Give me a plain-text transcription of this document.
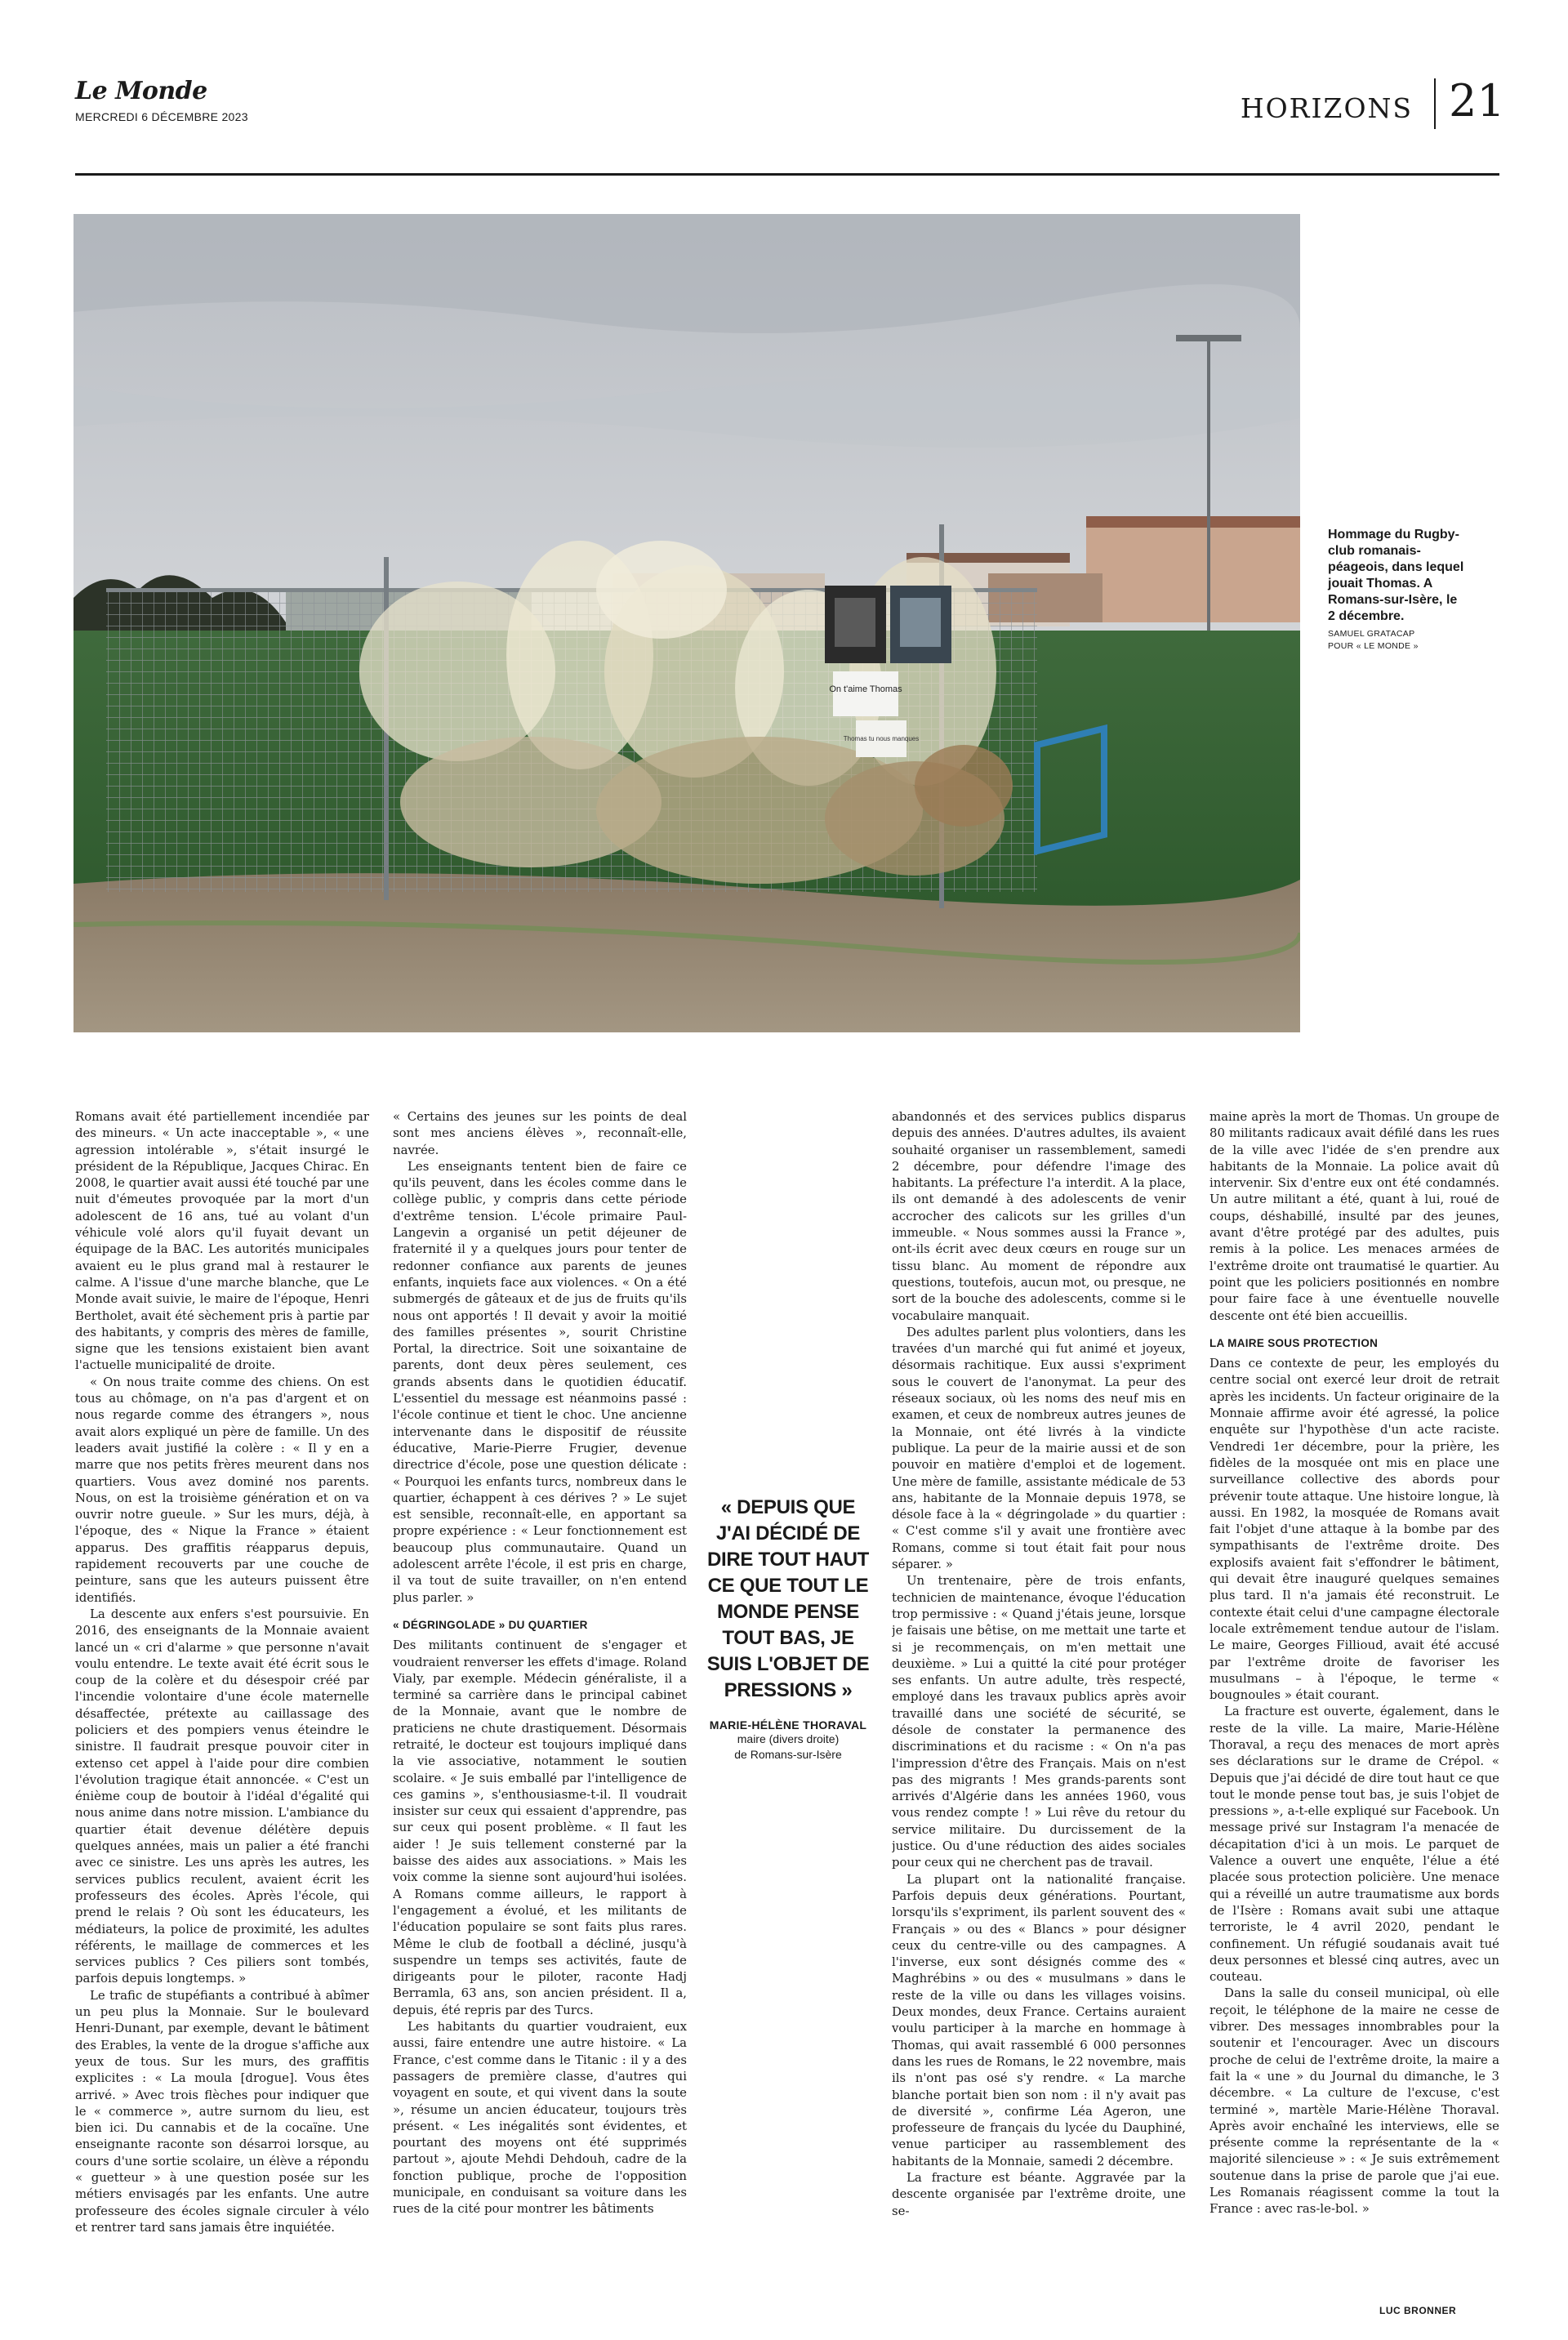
Le Monde
MERCREDI 6 DÉCEMBRE 2023	HORIZONS 21
On t'aime Thomas
Thomas tu nous manques
Hommage du Rugby-club romanais-péageois, dans lequel jouait Thomas. A Romans-sur-Isère, le 2 décembre.
SAMUEL GRATACAP
POUR « LE MONDE »

Romans avait été partiellement incendiée par des mineurs. « Un acte inacceptable », « une agression intolérable », s'était insurgé le président de la République, Jacques Chirac. En 2008, le quartier avait aussi été touché par une nuit d'émeutes provoquée par la mort d'un adolescent de 16 ans, tué au volant d'un véhicule volé alors qu'il fuyait devant un équipage de la BAC. Les autorités municipales avaient eu le plus grand mal à restaurer le calme. A l'issue d'une marche blanche, que Le Monde avait suivie, le maire de l'époque, Henri Bertholet, avait été sèchement pris à partie par des habitants, y compris des mères de famille, signe que les tensions existaient bien avant l'actuelle municipalité de droite.

« On nous traite comme des chiens. On est tous au chômage, on n'a pas d'argent et on nous regarde comme des étrangers », nous avait alors expliqué un père de famille. Un des leaders avait justifié la colère : « Il y en a marre que nos petits frères meurent dans nos quartiers. Vous avez dominé nos parents. Nous, on est la troisième génération et on va ouvrir notre gueule. » Sur les murs, déjà, à l'époque, des « Nique la France » étaient apparus. Des graffitis réapparus depuis, rapidement recouverts par une couche de peinture, sans que les auteurs puissent être identifiés.

La descente aux enfers s'est poursuivie. En 2016, des enseignants de la Monnaie avaient lancé un « cri d'alarme » que personne n'avait voulu entendre. Le texte avait été écrit sous le coup de la colère et du désespoir créé par l'incendie volontaire d'une école maternelle désaffectée, prétexte au caillassage des policiers et des pompiers venus éteindre le sinistre. Il faudrait presque pouvoir citer in extenso cet appel à l'aide pour dire combien l'évolution tragique était annoncée. « C'est un énième coup de boutoir à l'idéal d'égalité qui nous anime dans notre mission. L'ambiance du quartier était devenue délétère depuis quelques années, mais un palier a été franchi avec ce sinistre. Les uns après les autres, les services publics reculent, avaient écrit les professeurs des écoles. Après l'école, qui prend le relais ? Où sont les éducateurs, les médiateurs, la police de proximité, les adultes référents, le maillage de commerces et les services publics ? Ces piliers sont tombés, parfois depuis longtemps. »

Le trafic de stupéfiants a contribué à abîmer un peu plus la Monnaie. Sur le boulevard Henri-Dunant, par exemple, devant le bâtiment des Erables, la vente de la drogue s'affiche aux yeux de tous. Sur les murs, des graffitis explicites : « La moula [drogue]. Vous êtes arrivé. » Avec trois flèches pour indiquer que le « commerce », autre surnom du lieu, est bien ici. Du cannabis et de la cocaïne. Une enseignante raconte son désarroi lorsque, au cours d'une sortie scolaire, un élève a répondu « guetteur » à une question posée sur les métiers envisagés par les enfants. Une autre professeure des écoles signale circuler à vélo et rentrer tard sans jamais être inquiétée.

« Certains des jeunes sur les points de deal sont mes anciens élèves », reconnaît-elle, navrée.

Les enseignants tentent bien de faire ce qu'ils peuvent, dans les écoles comme dans le collège public, y compris dans cette période d'extrême tension. L'école primaire Paul-Langevin a organisé un petit déjeuner de fraternité il y a quelques jours pour tenter de redonner confiance aux parents de jeunes enfants, inquiets face aux violences. « On a été submergés de gâteaux et de jus de fruits qu'ils nous ont apportés ! Il devait y avoir la moitié des familles présentes », sourit Christine Portal, la directrice. Soit une soixantaine de parents, dont deux pères seulement, ces grands absents dans le quotidien éducatif. L'essentiel du message est néanmoins passé : l'école continue et tient le choc. Une ancienne intervenante dans le dispositif de réussite éducative, Marie-Pierre Frugier, devenue directrice d'école, pose une question délicate : « Pourquoi les enfants turcs, nombreux dans le quartier, échappent à ces dérives ? » Le sujet est sensible, reconnaît-elle, en apportant sa propre expérience : « Leur fonctionnement est beaucoup plus communautaire. Quand un adolescent arrête l'école, il est pris en charge, il va tout de suite travailler, on n'en entend plus parler. »

« DÉGRINGOLADE » DU QUARTIER

Des militants continuent de s'engager et voudraient renverser les effets d'image. Roland Vialy, par exemple. Médecin généraliste, il a terminé sa carrière dans le principal cabinet de la Monnaie, avant que le nombre de praticiens ne chute drastiquement. Désormais retraité, le docteur est toujours impliqué dans la vie associative, notamment le soutien scolaire. « Je suis emballé par l'intelligence de ces gamins », s'enthousiasme-t-il. Il voudrait insister sur ceux qui essaient d'apprendre, pas sur ceux qui posent problème. « Il faut les aider ! Je suis tellement consterné par la baisse des aides aux associations. » Mais les voix comme la sienne sont aujourd'hui isolées. A Romans comme ailleurs, le rapport à l'engagement a évolué, et les militants de l'éducation populaire se sont faits plus rares. Même le club de football a décliné, jusqu'à suspendre un temps ses activités, faute de dirigeants pour le piloter, raconte Hadj Berramla, 63 ans, son ancien président. Il a, depuis, été repris par des Turcs.

Les habitants du quartier voudraient, eux aussi, faire entendre une autre histoire. « La France, c'est comme dans le Titanic : il y a des passagers de première classe, d'autres qui voyagent en soute, et qui vivent dans la soute », résume un ancien éducateur, toujours très présent. « Les inégalités sont évidentes, et pourtant des moyens ont été supprimés partout », ajoute Mehdi Dehdouh, cadre de la fonction publique, proche de l'opposition municipale, en conduisant sa voiture dans les rues de la cité pour montrer les bâtiments

abandonnés et des services publics disparus depuis des années. D'autres adultes, ils avaient souhaité organiser un rassemblement, samedi 2 décembre, pour défendre l'image des habitants. La préfecture l'a interdit. A la place, ils ont demandé à des adolescents de venir accrocher des calicots sur les grilles d'un immeuble. « Nous sommes aussi la France », ont-ils écrit avec deux cœurs en rouge sur un tissu blanc. Au moment de répondre aux questions, toutefois, aucun mot, ou presque, ne sort de la bouche des adolescents, comme si le vocabulaire manquait.

Des adultes parlent plus volontiers, dans les travées d'un marché qui fut animé et joyeux, désormais rachitique. Eux aussi s'expriment sous le couvert de l'anonymat. La peur des réseaux sociaux, où les noms des neuf mis en examen, et ceux de nombreux autres jeunes de la Monnaie, ont été livrés à la vindicte publique. La peur de la mairie aussi et de son pouvoir en matière d'emploi et de logement. Une mère de famille, assistante médicale de 53 ans, habitante de la Monnaie depuis 1978, se désole face à la « dégringolade » du quartier : « C'est comme s'il y avait une frontière avec Romans, comme si tout était fait pour nous séparer. »

Un trentenaire, père de trois enfants, technicien de maintenance, évoque l'éducation trop permissive : « Quand j'étais jeune, lorsque je faisais une bêtise, on me mettait une tarte et si je recommençais, on m'en mettait une deuxième. » Lui a quitté la cité pour protéger ses enfants. Un autre adulte, très respecté, employé dans les travaux publics après avoir travaillé dans une société de sécurité, se désole de constater la permanence des discriminations et du racisme : « On n'a pas l'impression d'être des Français. Mais on n'est pas des migrants ! Mes grands-parents sont arrivés d'Algérie dans les années 1960, vous vous rendez compte ! » Lui rêve du retour du service militaire. Du durcissement de la justice. Ou d'une réduction des aides sociales pour ceux qui ne cherchent pas de travail.

La plupart ont la nationalité française. Parfois depuis deux générations. Pourtant, lorsqu'ils s'expriment, ils parlent souvent des « Français » ou des « Blancs » pour désigner ceux du centre-ville ou des campagnes. A l'inverse, eux sont désignés comme des « Maghrébins » ou des « musulmans » dans le reste de la ville ou dans les villages voisins. Deux mondes, deux France. Certains auraient voulu participer à la marche en hommage à Thomas, qui avait rassemblé 6 000 personnes dans les rues de Romans, le 22 novembre, mais ils n'ont pas osé s'y rendre. « La marche blanche portait bien son nom : il n'y avait pas de diversité », confirme Léa Ageron, une professeure de français du lycée du Dauphiné, venue participer au rassemblement des habitants de la Monnaie, samedi 2 décembre.

La fracture est béante. Aggravée par la descente organisée par l'extrême droite, une se-

maine après la mort de Thomas. Un groupe de 80 militants radicaux avait défilé dans les rues de la ville avec l'idée de s'en prendre aux habitants de la Monnaie. La police avait dû intervenir. Six d'entre eux ont été condamnés. Un autre militant a été, quant à lui, roué de coups, déshabillé, insulté par des jeunes, avant d'être protégé par des adultes, puis remis à la police. Les menaces armées de l'extrême droite ont traumatisé le quartier. Au point que les policiers positionnés en nombre pour faire face à une éventuelle nouvelle descente ont été bien accueillis.

LA MAIRE SOUS PROTECTION

Dans ce contexte de peur, les employés du centre social ont exercé leur droit de retrait après les incidents. Un facteur originaire de la Monnaie affirme avoir été agressé, la police enquête sur l'hypothèse d'un acte raciste. Vendredi 1er décembre, pour la prière, les fidèles de la mosquée ont mis en place une surveillance collective des abords pour prévenir toute attaque. Une histoire longue, là aussi. En 1982, la mosquée de Romans avait fait l'objet d'une attaque à la bombe par des sympathisants de l'extrême droite. Des explosifs avaient fait s'effondrer le bâtiment, qui devait être inauguré quelques semaines plus tard. Il n'a jamais été reconstruit. Le contexte était celui d'une campagne électorale locale extrêmement tendue autour de l'islam. Le maire, Georges Fillioud, avait été accusé par l'extrême droite de favoriser les musulmans – à l'époque, le terme « bougnoules » était courant.

La fracture est ouverte, également, dans le reste de la ville. La maire, Marie-Hélène Thoraval, a reçu des menaces de mort après ses déclarations sur le drame de Crépol. « Depuis que j'ai décidé de dire tout haut ce que tout le monde pense tout bas, je suis l'objet de pressions », a-t-elle expliqué sur Facebook. Un message privé sur Instagram l'a menacée de décapitation d'ici à un mois. Le parquet de Valence a ouvert une enquête, l'élue a été placée sous protection policière. Une menace qui a réveillé un autre traumatisme aux bords de l'Isère : Romans avait subi une attaque terroriste, le 4 avril 2020, pendant le confinement. Un réfugié soudanais avait tué deux personnes et blessé cinq autres, avec un couteau.

Dans la salle du conseil municipal, où elle reçoit, le téléphone de la maire ne cesse de vibrer. Des messages innombrables pour la soutenir et l'encourager. Avec un discours proche de celui de l'extrême droite, la maire a fait la « une » du Journal du dimanche, le 3 décembre. « La culture de l'excuse, c'est terminé », martèle Marie-Hélène Thoraval. Après avoir enchaîné les interviews, elle se présente comme la représentante de la « majorité silencieuse » : « Je suis extrêmement soutenue dans la prise de parole que j'ai eue. Les Romanais réagissent comme la tout la France : avec ras-le-bol. »

« DEPUIS QUE J'AI DÉCIDÉ DE DIRE TOUT HAUT CE QUE TOUT LE MONDE PENSE TOUT BAS, JE SUIS L'OBJET DE PRESSIONS »
MARIE-HÉLÈNE THORAVAL
maire (divers droite)
de Romans-sur-Isère
LUC BRONNER
